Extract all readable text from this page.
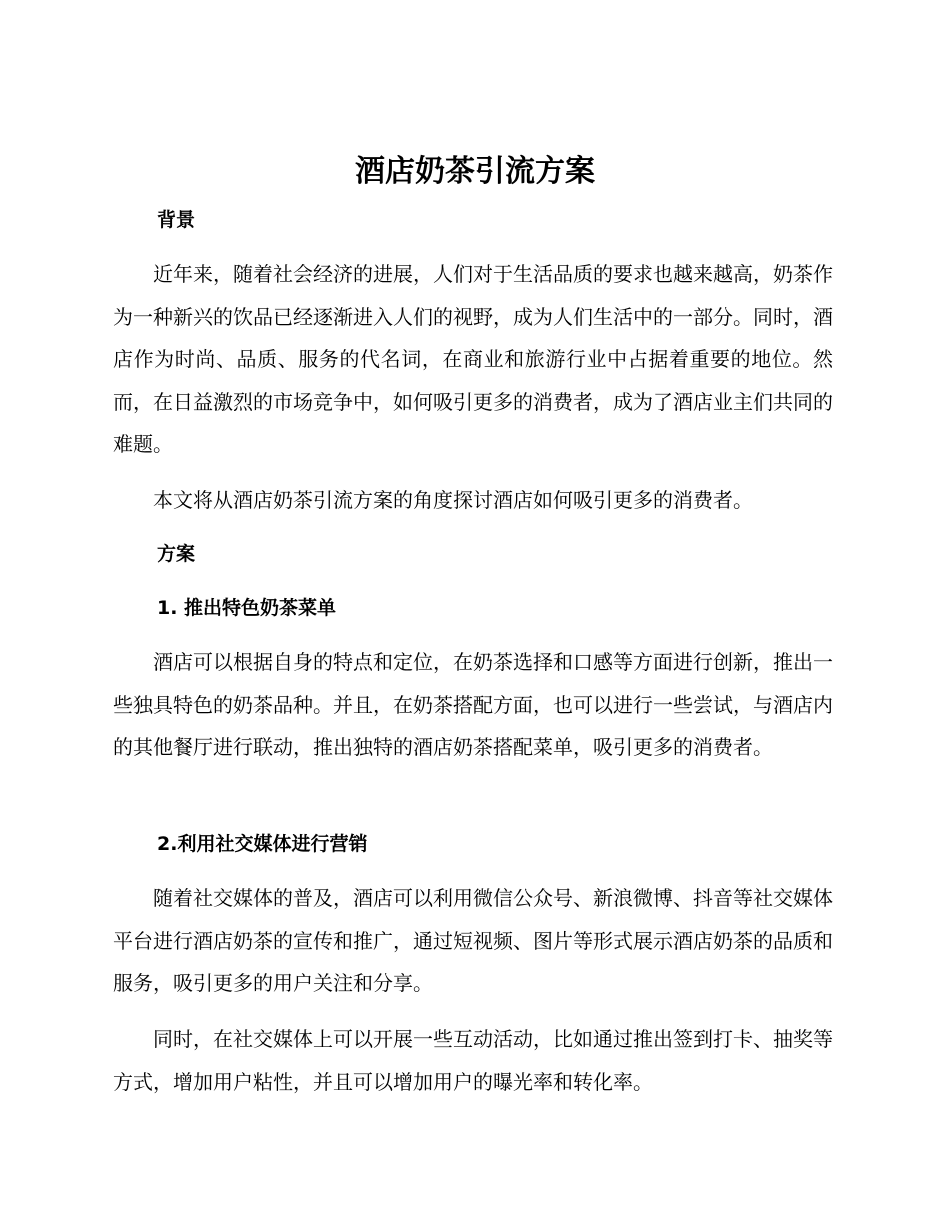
酒店奶茶引流方案
背景

近年来，随着社会经济的进展，人们对于生活品质的要求也越来越高，奶茶作为一种新兴的饮品已经逐渐进入人们的视野，成为人们生活中的一部分。同时，酒店作为时尚、品质、服务的代名词，在商业和旅游行业中占据着重要的地位。然而，在日益激烈的市场竞争中，如何吸引更多的消费者，成为了酒店业主们共同的难题。

本文将从酒店奶茶引流方案的角度探讨酒店如何吸引更多的消费者。

方案
1. 推出特色奶茶菜单

酒店可以根据自身的特点和定位，在奶茶选择和口感等方面进行创新，推出一些独具特色的奶茶品种。并且，在奶茶搭配方面，也可以进行一些尝试，与酒店内的其他餐厅进行联动，推出独特的酒店奶茶搭配菜单，吸引更多的消费者。

2.利用社交媒体进行营销

随着社交媒体的普及，酒店可以利用微信公众号、新浪微博、抖音等社交媒体平台进行酒店奶茶的宣传和推广，通过短视频、图片等形式展示酒店奶茶的品质和服务，吸引更多的用户关注和分享。

同时，在社交媒体上可以开展一些互动活动，比如通过推出签到打卡、抽奖等方式，增加用户粘性，并且可以增加用户的曝光率和转化率。
